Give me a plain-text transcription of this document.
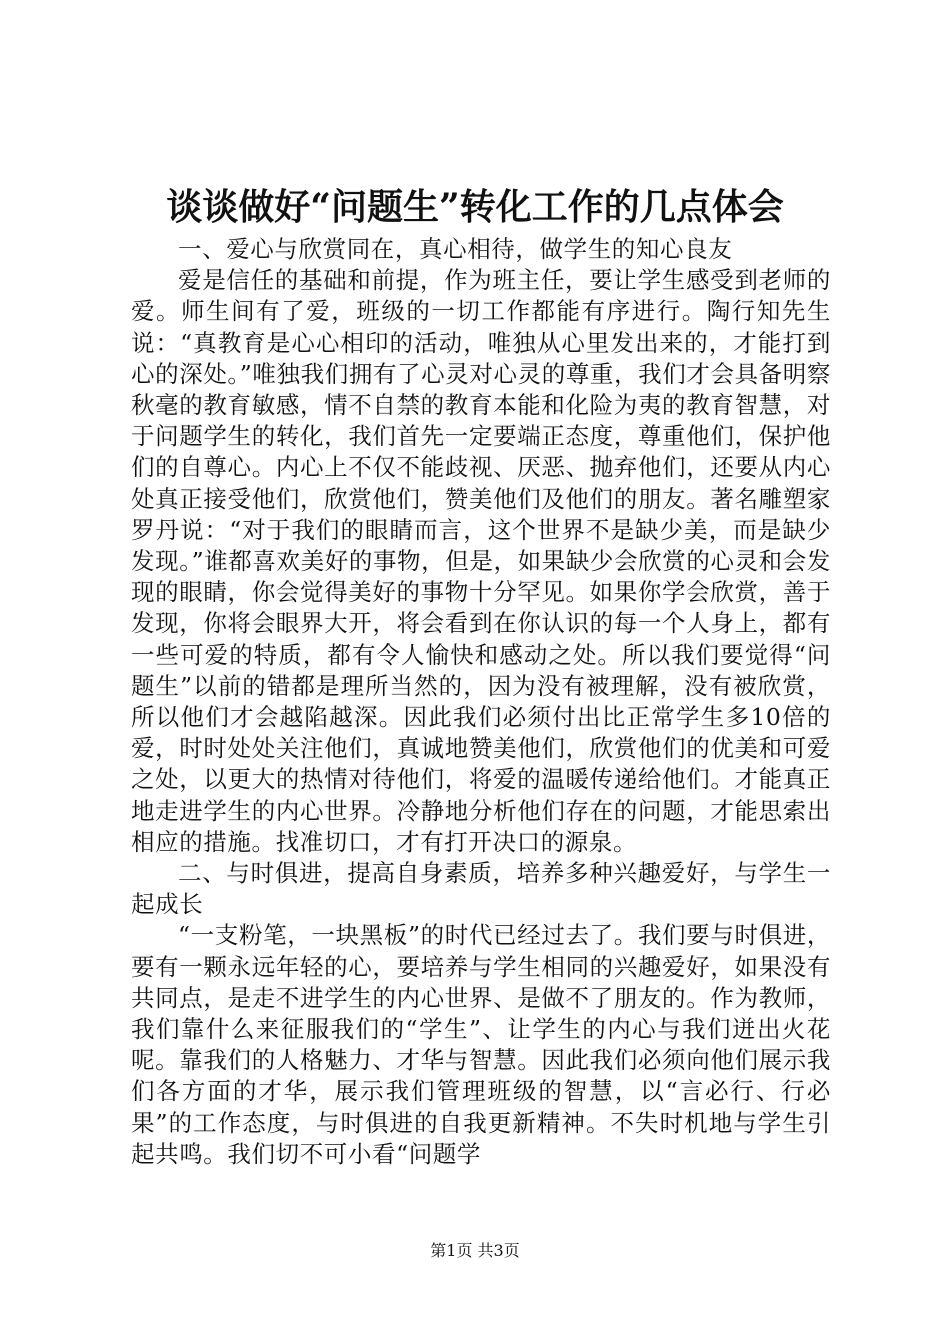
谈谈做好“问题生”转化工作的几点体会

一、爱心与欣赏同在，真心相待，做学生的知心良友

爱是信任的基础和前提，作为班主任，要让学生感受到老师的爱。师生间有了爱，班级的一切工作都能有序进行。陶行知先生说：“真教育是心心相印的活动，唯独从心里发出来的，才能打到心的深处。”唯独我们拥有了心灵对心灵的尊重，我们才会具备明察秋毫的教育敏感，情不自禁的教育本能和化险为夷的教育智慧，对于问题学生的转化，我们首先一定要端正态度，尊重他们，保护他们的自尊心。内心上不仅不能歧视、厌恶、抛弃他们，还要从内心处真正接受他们，欣赏他们，赞美他们及他们的朋友。著名雕塑家罗丹说：“对于我们的眼睛而言，这个世界不是缺少美，而是缺少发现。”谁都喜欢美好的事物，但是，如果缺少会欣赏的心灵和会发现的眼睛，你会觉得美好的事物十分罕见。如果你学会欣赏，善于发现，你将会眼界大开，将会看到在你认识的每一个人身上，都有一些可爱的特质，都有令人愉快和感动之处。所以我们要觉得“问题生”以前的错都是理所当然的，因为没有被理解，没有被欣赏，所以他们才会越陷越深。因此我们必须付出比正常学生多10倍的爱，时时处处关注他们，真诚地赞美他们，欣赏他们的优美和可爱之处，以更大的热情对待他们，将爱的温暖传递给他们。才能真正地走进学生的内心世界。冷静地分析他们存在的问题，才能思索出相应的措施。找准切口，才有打开决口的源泉。

二、与时俱进，提高自身素质，培养多种兴趣爱好，与学生一起成长

“一支粉笔，一块黑板”的时代已经过去了。我们要与时俱进，要有一颗永远年轻的心，要培养与学生相同的兴趣爱好，如果没有共同点，是走不进学生的内心世界、是做不了朋友的。作为教师，我们靠什么来征服我们的“学生”、让学生的内心与我们迸出火花呢。靠我们的人格魅力、才华与智慧。因此我们必须向他们展示我们各方面的才华，展示我们管理班级的智慧，以“言必行、行必果”的工作态度，与时俱进的自我更新精神。不失时机地与学生引起共鸣。我们切不可小看“问题学

第1页 共3页
